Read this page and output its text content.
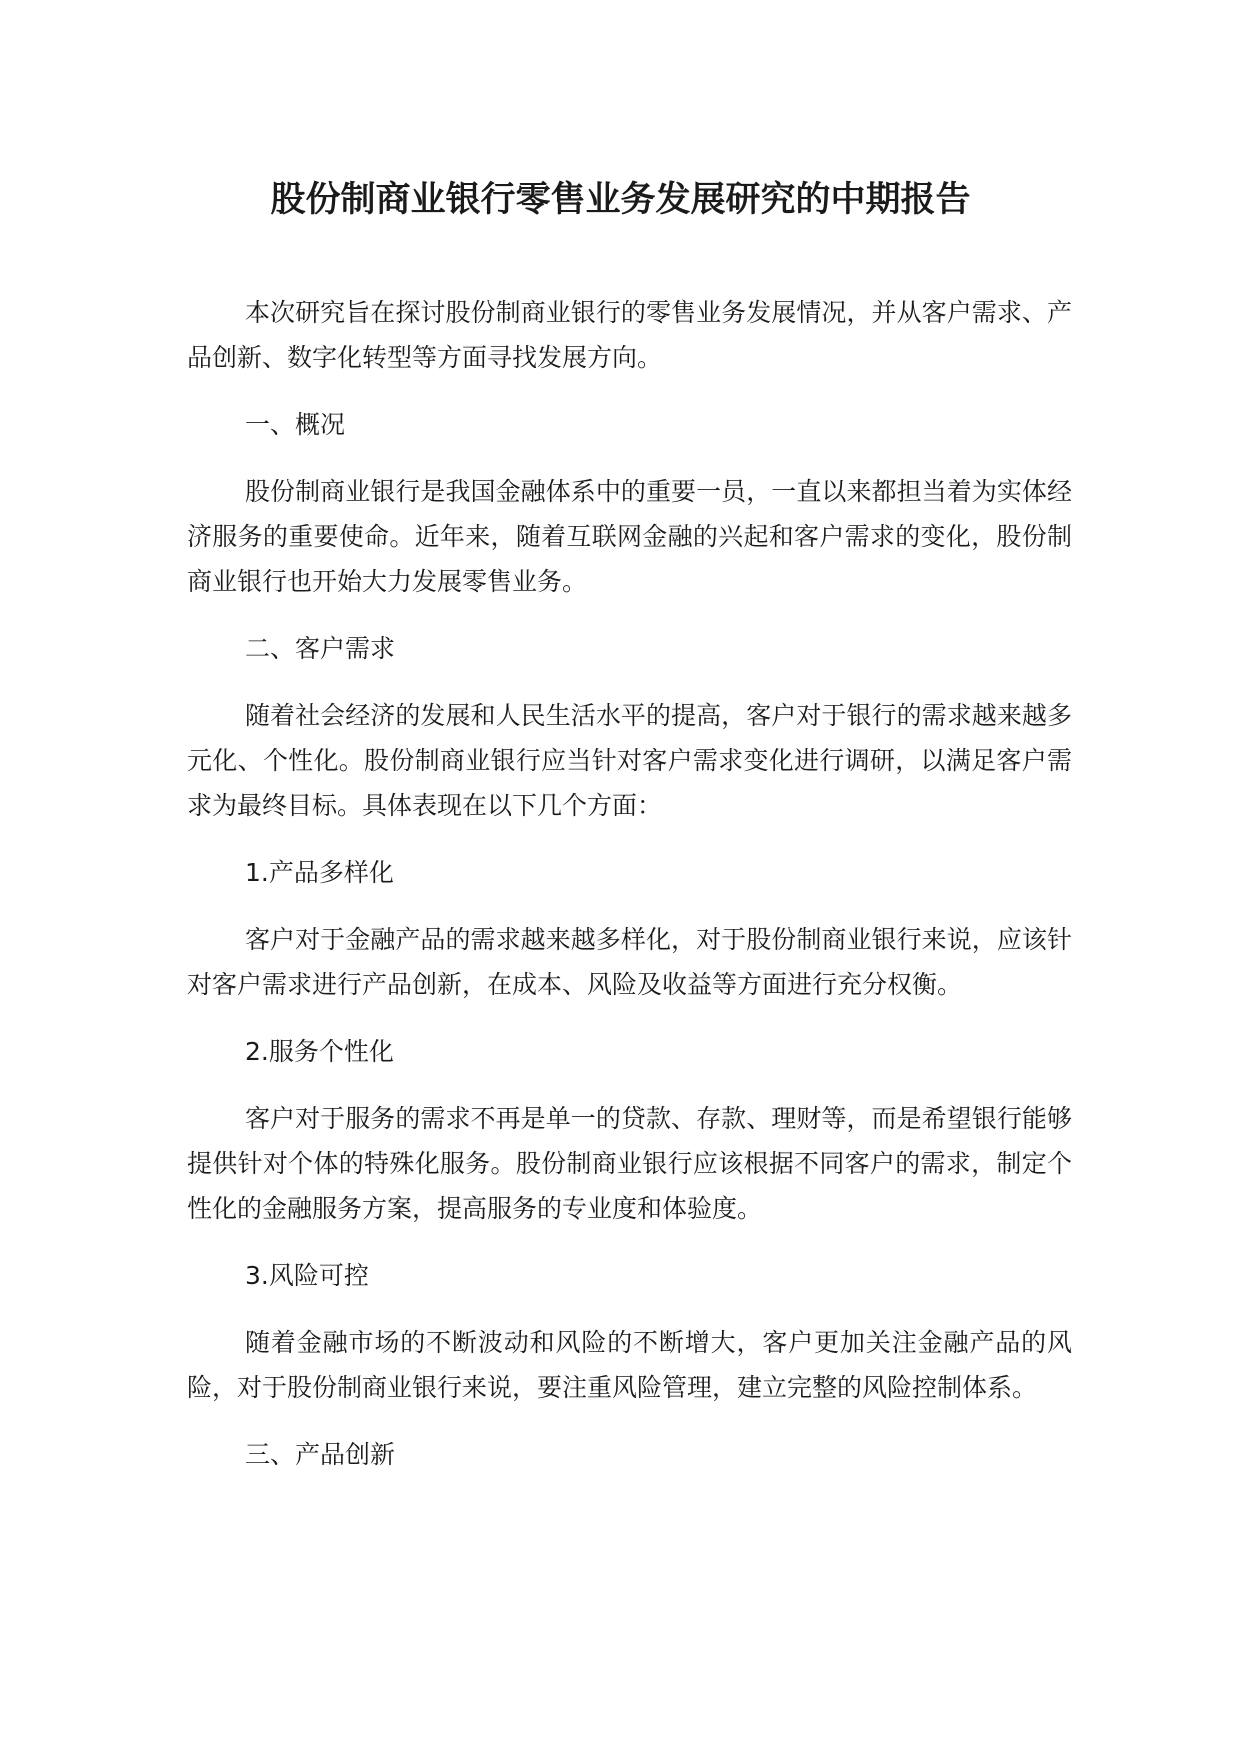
股份制商业银行零售业务发展研究的中期报告

本次研究旨在探讨股份制商业银行的零售业务发展情况，并从客户需求、产品创新、数字化转型等方面寻找发展方向。

一、概况

股份制商业银行是我国金融体系中的重要一员，一直以来都担当着为实体经济服务的重要使命。近年来，随着互联网金融的兴起和客户需求的变化，股份制商业银行也开始大力发展零售业务。

二、客户需求

随着社会经济的发展和人民生活水平的提高，客户对于银行的需求越来越多元化、个性化。股份制商业银行应当针对客户需求变化进行调研，以满足客户需求为最终目标。具体表现在以下几个方面：

1.产品多样化

客户对于金融产品的需求越来越多样化，对于股份制商业银行来说，应该针对客户需求进行产品创新，在成本、风险及收益等方面进行充分权衡。

2.服务个性化

客户对于服务的需求不再是单一的贷款、存款、理财等，而是希望银行能够提供针对个体的特殊化服务。股份制商业银行应该根据不同客户的需求，制定个性化的金融服务方案，提高服务的专业度和体验度。

3.风险可控

随着金融市场的不断波动和风险的不断增大，客户更加关注金融产品的风险，对于股份制商业银行来说，要注重风险管理，建立完整的风险控制体系。

三、产品创新
